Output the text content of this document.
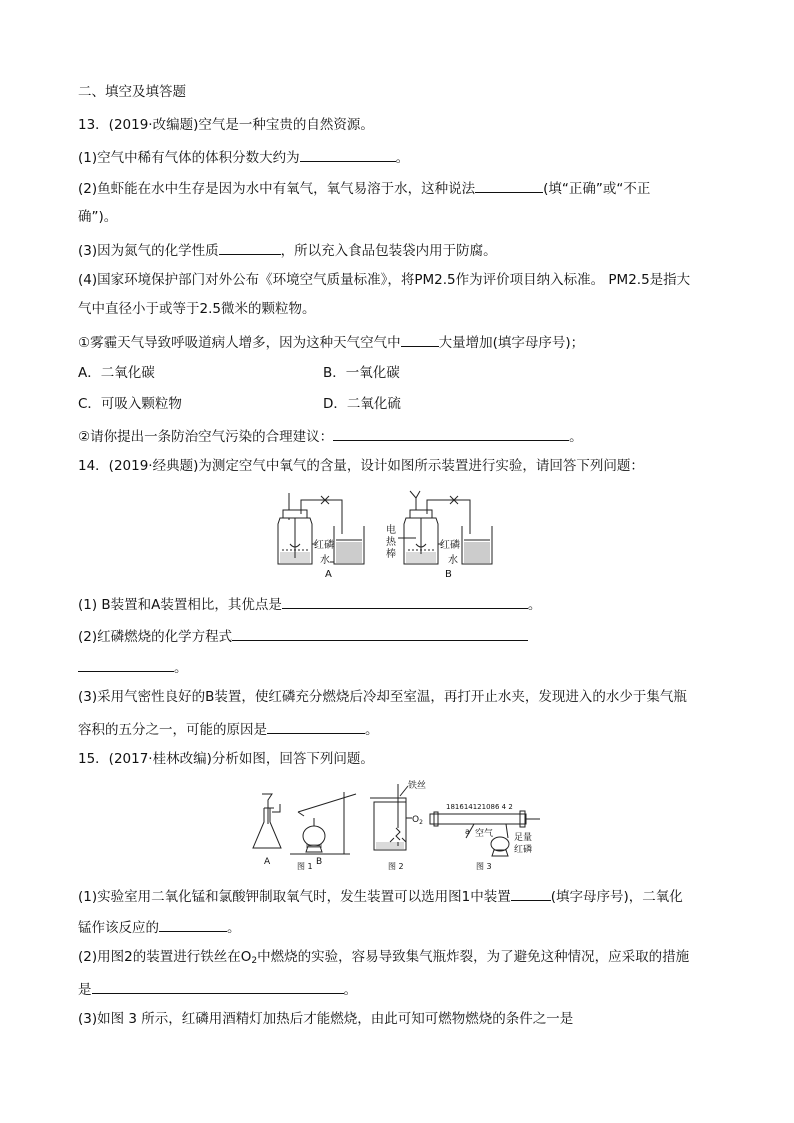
二、填空及填答题
13．(2019·改编题)空气是一种宝贵的自然资源。
(1)空气中稀有气体的体积分数大约为	。
(2)鱼虾能在水中生存是因为水中有氧气，氧气易溶于水，这种说法	(填“正确”或“不正
确”)。
(3)因为氮气的化学性质	，所以充入食品包装袋内用于防腐。
(4)国家环境保护部门对外公布《环境空气质量标准》，将PM2.5作为评价项目纳入标准。 PM2.5是指大
气中直径小于或等于2.5微米的颗粒物。
①雾霾天气导致呼吸道病人增多，因为这种天气空气中	大量增加(填字母序号)；
A．二氧化碳	B．一氧化碳
C．可吸入颗粒物	D．二氧化硫
②请你提出一条防治空气污染的合理建议：	。
14．(2019·经典题)为测定空气中氧气的含量，设计如图所示装置进行实验，请回答下列问题：
红磷
水
A
电
热
棒
红磷
水
B
(1) B装置和A装置相比，其优点是	。
(2)红磷燃烧的化学方程式
。
(3)采用气密性良好的B装置，使红磷充分燃烧后冷却至室温，再打开止水夹，发现进入的水少于集气瓶
容积的五分之一，可能的原因是	。
15．(2017·桂林改编)分析如图，回答下列问题。
A	B
图 1
铁丝
$O_2$
图 2
181614121086 4 2
a 空气 足量
红磷
图 3
(1)实验室用二氧化锰和氯酸钾制取氧气时，发生装置可以选用图1中装置	(填字母序号)，二氧化
锰作该反应的	。
(2)用图2的装置进行铁丝在$O_2$中燃烧的实验，容易导致集气瓶炸裂，为了避免这种情况，应采取的措施
是	。
(3)如图 3 所示，红磷用酒精灯加热后才能燃烧，由此可知可燃物燃烧的条件之一是
